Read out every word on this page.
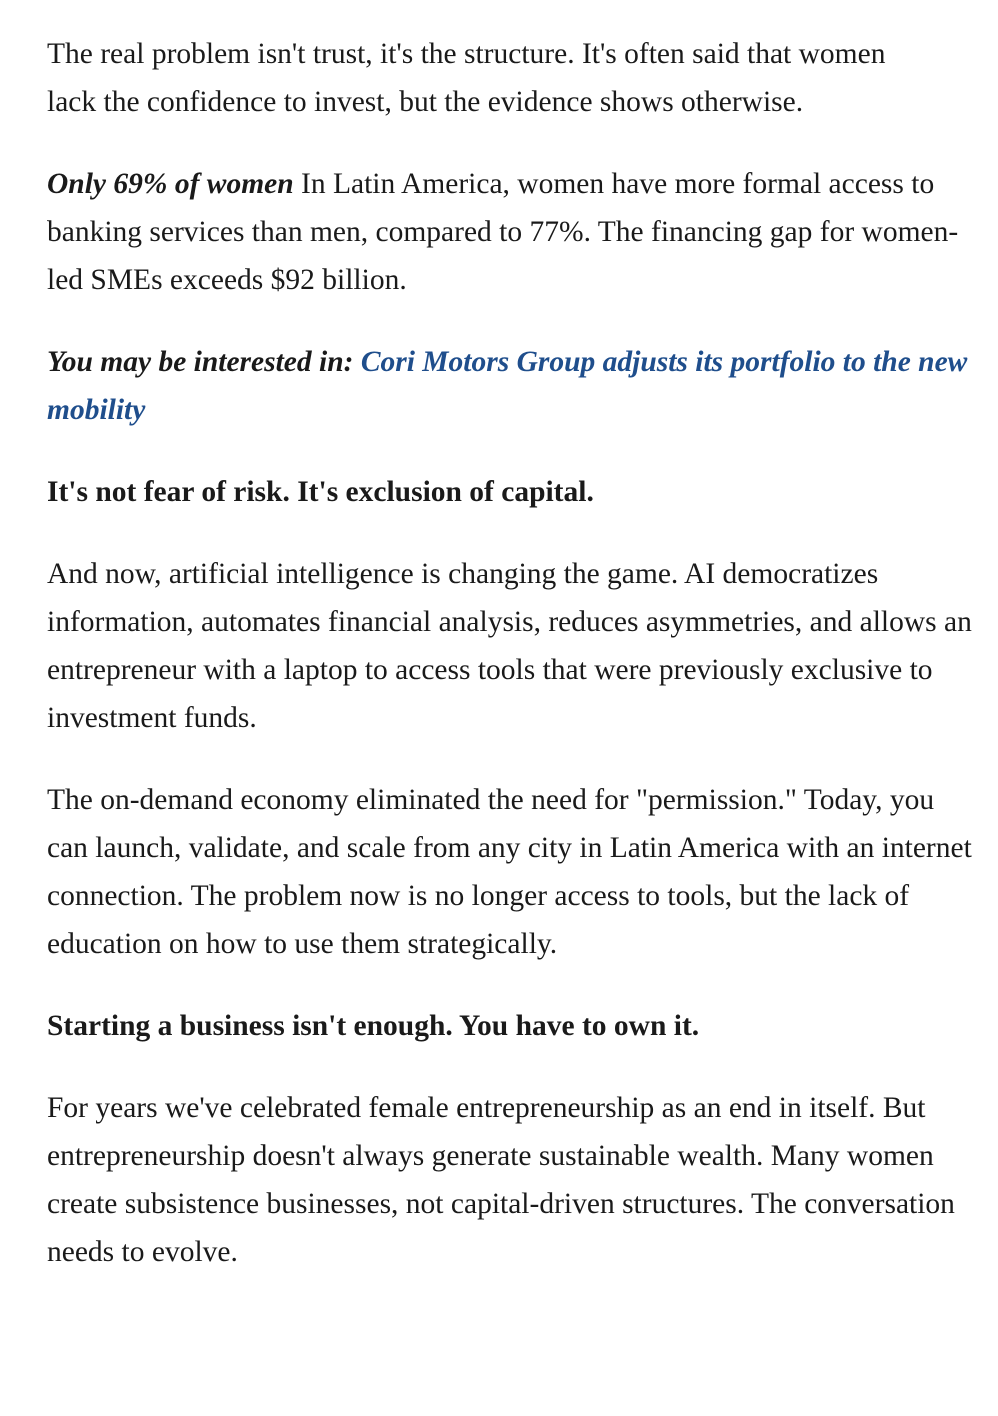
The real problem isn't trust, it's the structure. It's often said that women lack the confidence to invest, but the evidence shows otherwise.

Only 69% of women In Latin America, women have more formal access to banking services than men, compared to 77%. The financing gap for women-led SMEs exceeds $92 billion.

You may be interested in: Cori Motors Group adjusts its portfolio to the new mobility

It's not fear of risk. It's exclusion of capital.

And now, artificial intelligence is changing the game. AI democratizes information, automates financial analysis, reduces asymmetries, and allows an entrepreneur with a laptop to access tools that were previously exclusive to investment funds.

The on-demand economy eliminated the need for "permission." Today, you can launch, validate, and scale from any city in Latin America with an internet connection. The problem now is no longer access to tools, but the lack of education on how to use them strategically.

Starting a business isn't enough. You have to own it.

For years we've celebrated female entrepreneurship as an end in itself. But entrepreneurship doesn't always generate sustainable wealth. Many women create subsistence businesses, not capital-driven structures. The conversation needs to evolve.
